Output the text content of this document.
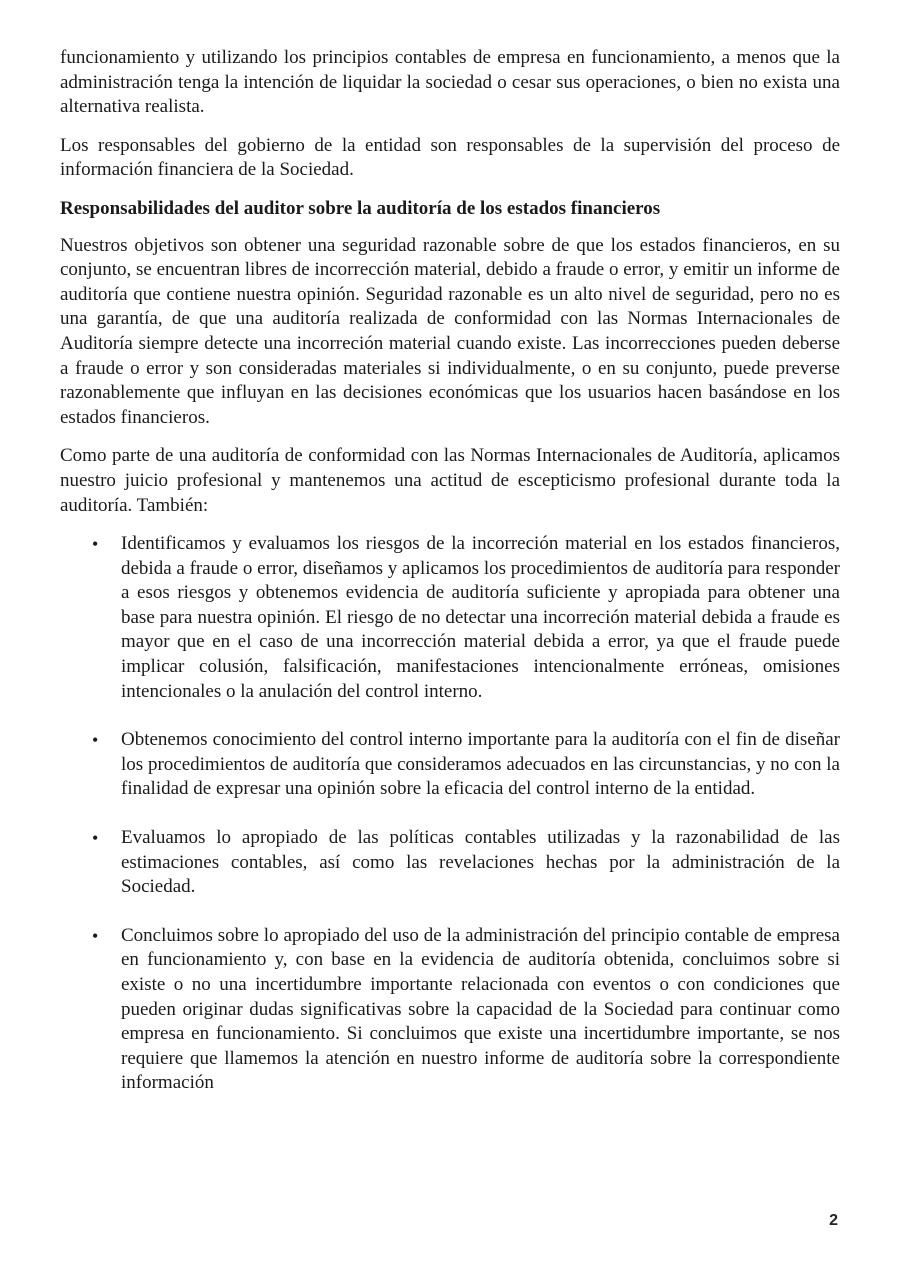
funcionamiento y utilizando los principios contables de empresa en funcionamiento, a menos que la administración tenga la intención de liquidar la sociedad o cesar sus operaciones, o bien no exista una alternativa realista.

Los responsables del gobierno de la entidad son responsables de la supervisión del proceso de información financiera de la Sociedad.

Responsabilidades del auditor sobre la auditoría de los estados financieros

Nuestros objetivos son obtener una seguridad razonable sobre de que los estados financieros, en su conjunto, se encuentran libres de incorrección material, debido a fraude o error, y emitir un informe de auditoría que contiene nuestra opinión. Seguridad razonable es un alto nivel de seguridad, pero no es una garantía, de que una auditoría realizada de conformidad con las Normas Internacionales de Auditoría siempre detecte una incorreción material cuando existe. Las incorrecciones pueden deberse a fraude o error y son consideradas materiales si individualmente, o en su conjunto, puede preverse razonablemente que influyan en las decisiones económicas que los usuarios hacen basándose en los estados financieros.

Como parte de una auditoría de conformidad con las Normas Internacionales de Auditoría, aplicamos nuestro juicio profesional y mantenemos una actitud de escepticismo profesional durante toda la auditoría. También:

• Identificamos y evaluamos los riesgos de la incorreción material en los estados financieros, debida a fraude o error, diseñamos y aplicamos los procedimientos de auditoría para responder a esos riesgos y obtenemos evidencia de auditoría suficiente y apropiada para obtener una base para nuestra opinión. El riesgo de no detectar una incorreción material debida a fraude es mayor que en el caso de una incorrección material debida a error, ya que el fraude puede implicar colusión, falsificación, manifestaciones intencionalmente erróneas, omisiones intencionales o la anulación del control interno.
• Obtenemos conocimiento del control interno importante para la auditoría con el fin de diseñar los procedimientos de auditoría que consideramos adecuados en las circunstancias, y no con la finalidad de expresar una opinión sobre la eficacia del control interno de la entidad.
• Evaluamos lo apropiado de las políticas contables utilizadas y la razonabilidad de las estimaciones contables, así como las revelaciones hechas por la administración de la Sociedad.
• Concluimos sobre lo apropiado del uso de la administración del principio contable de empresa en funcionamiento y, con base en la evidencia de auditoría obtenida, concluimos sobre si existe o no una incertidumbre importante relacionada con eventos o con condiciones que pueden originar dudas significativas sobre la capacidad de la Sociedad para continuar como empresa en funcionamiento. Si concluimos que existe una incertidumbre importante, se nos requiere que llamemos la atención en nuestro informe de auditoría sobre la correspondiente información
2
